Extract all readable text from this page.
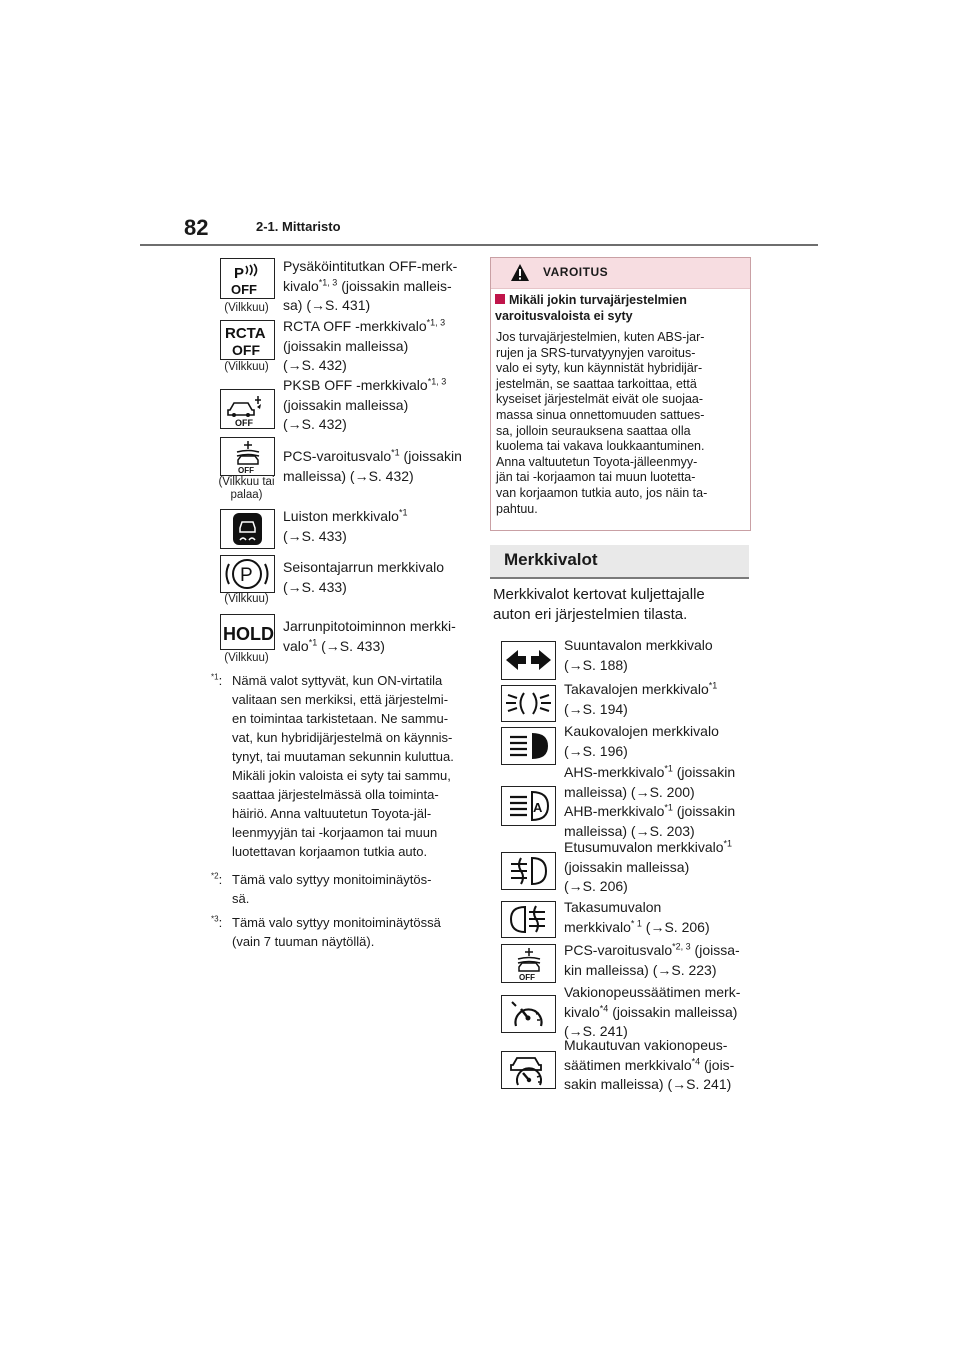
82	2-1. Mittaristo
P
OFF
(Vilkkuu)
Pysäköintitutkan OFF-merk-
kivalo$^{*1, 3}$ (joissakin malleis-
sa) (→S. 431)
RCTA
OFF
(Vilkkuu)
RCTA OFF -merkkivalo$^{*1, 3}$
(joissakin malleissa)
(→S. 432)
OFF
PKSB OFF -merkkivalo$^{*1, 3}$
(joissakin malleissa)
(→S. 432)
OFF
(Vilkkuu tai palaa)
PCS-varoitusvalo$^{*1}$ (joissakin
malleissa) (→S. 432)
Luiston merkkivalo$^{*1}$
(→S. 433)
P
(Vilkkuu)
Seisontajarrun merkkivalo
(→S. 433)
HOLD
(Vilkkuu)
Jarrunpitotoiminnon merkki-
valo$^{*1}$ (→S. 433)
$^{*1}$: Nämä valot syttyvät, kun ON-virtatila
valitaan sen merkiksi, että järjestelmi-
en toimintaa tarkistetaan. Ne sammu-
vat, kun hybridijärjestelmä on käynnis-
tynyt, tai muutaman sekunnin kuluttua.
Mikäli jokin valoista ei syty tai sammu,
saattaa järjestelmässä olla toiminta-
häiriö. Anna valtuutetun Toyota-jäl-
leenmyyjän tai -korjaamon tai muun
luotettavan korjaamon tutkia auto.
$^{*2}$: Tämä valo syttyy monitoiminäytös-
sä.
$^{*3}$: Tämä valo syttyy monitoiminäytössä
(vain 7 tuuman näytöllä).
VAROITUS
Mikäli jokin turvajärjestelmien varoitusvaloista ei syty
Jos turvajärjestelmien, kuten ABS-jar-
rujen ja SRS-turvatyynyjen varoitus-
valo ei syty, kun käynnistät hybridijär-
jestelmän, se saattaa tarkoittaa, että
kyseiset järjestelmät eivät ole suojaa-
massa sinua onnettomuuden sattues-
sa, jolloin seurauksena saattaa olla
kuolema tai vakava loukkaantuminen.
Anna valtuutetun Toyota-jälleenmyy-
jän tai -korjaamon tai muun luotetta-
van korjaamon tutkia auto, jos näin ta-
pahtuu.
Merkkivalot
Merkkivalot kertovat kuljettajalle
auton eri järjestelmien tilasta.
Suuntavalon merkkivalo
(→S. 188)
Takavalojen merkkivalo$^{*1}$
(→S. 194)
Kaukovalojen merkkivalo
(→S. 196)
A
AHS-merkkivalo$^{*1}$ (joissakin
malleissa) (→S. 200)
AHB-merkkivalo$^{*1}$ (joissakin
malleissa) (→S. 203)
Etusumuvalon merkkivalo$^{*1}$
(joissakin malleissa)
(→S. 206)
Takasumuvalon
merkkivalo$^{* 1}$ (→S. 206)
OFF
PCS-varoitusvalo$^{*2, 3}$ (joissa-
kin malleissa) (→S. 223)
Vakionopeussäätimen merk-
kivalo$^{*4}$ (joissakin malleissa)
(→S. 241)
Mukautuvan vakionopeus-
säätimen merkkivalo$^{*4}$ (jois-
sakin malleissa) (→S. 241)
